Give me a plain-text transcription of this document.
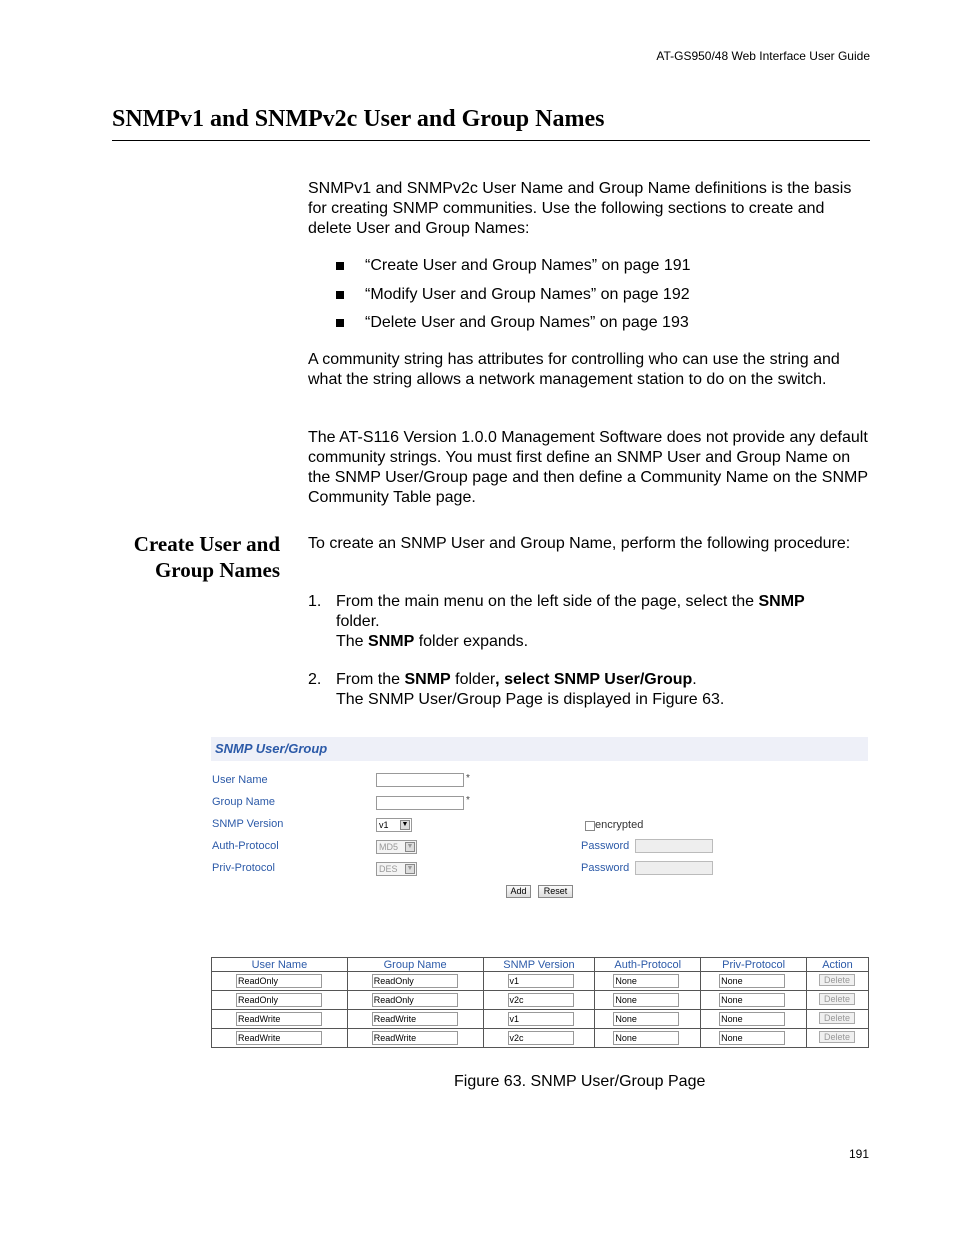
AT-GS950/48 Web Interface User Guide
SNMPv1 and SNMPv2c User and Group Names

SNMPv1 and SNMPv2c User Name and Group Name definitions is the basis for creating SNMP communities. Use the following sections to create and delete User and Group Names:

“Create User and Group Names” on page 191
“Modify User and Group Names” on page 192
“Delete User and Group Names” on page 193

A community string has attributes for controlling who can use the string and what the string allows a network management station to do on the switch.

The AT-S116 Version 1.0.0 Management Software does not provide any default community strings. You must first define an SNMP User and Group Name on the SNMP User/Group page and then define a Community Name on the SNMP Community Table page.

Create User and
Group Names

To create an SNMP User and Group Name, perform the following procedure:

1. From the main menu on the left side of the page, select the SNMP
folder.
The SNMP folder expands.
2. From the SNMP folder, select SNMP User/Group.
The SNMP User/Group Page is displayed in Figure 63.
SNMP User/Group
User Name	*
Group Name	*
SNMP Version	v1 ▼	encrypted
Auth-Protocol	MD5 ▼	Password
Priv-Protocol	DES ▼	Password
Add	Reset
User Name	Group Name	SNMP Version	Auth-Protocol	Priv-Protocol	Action

ReadOnly	ReadOnly	v1	None	None	Delete

ReadOnly	ReadOnly	v2c	None	None	Delete

ReadWrite	ReadWrite	v1	None	None	Delete

ReadWrite	ReadWrite	v2c	None	None	Delete
Figure 63. SNMP User/Group Page
191
